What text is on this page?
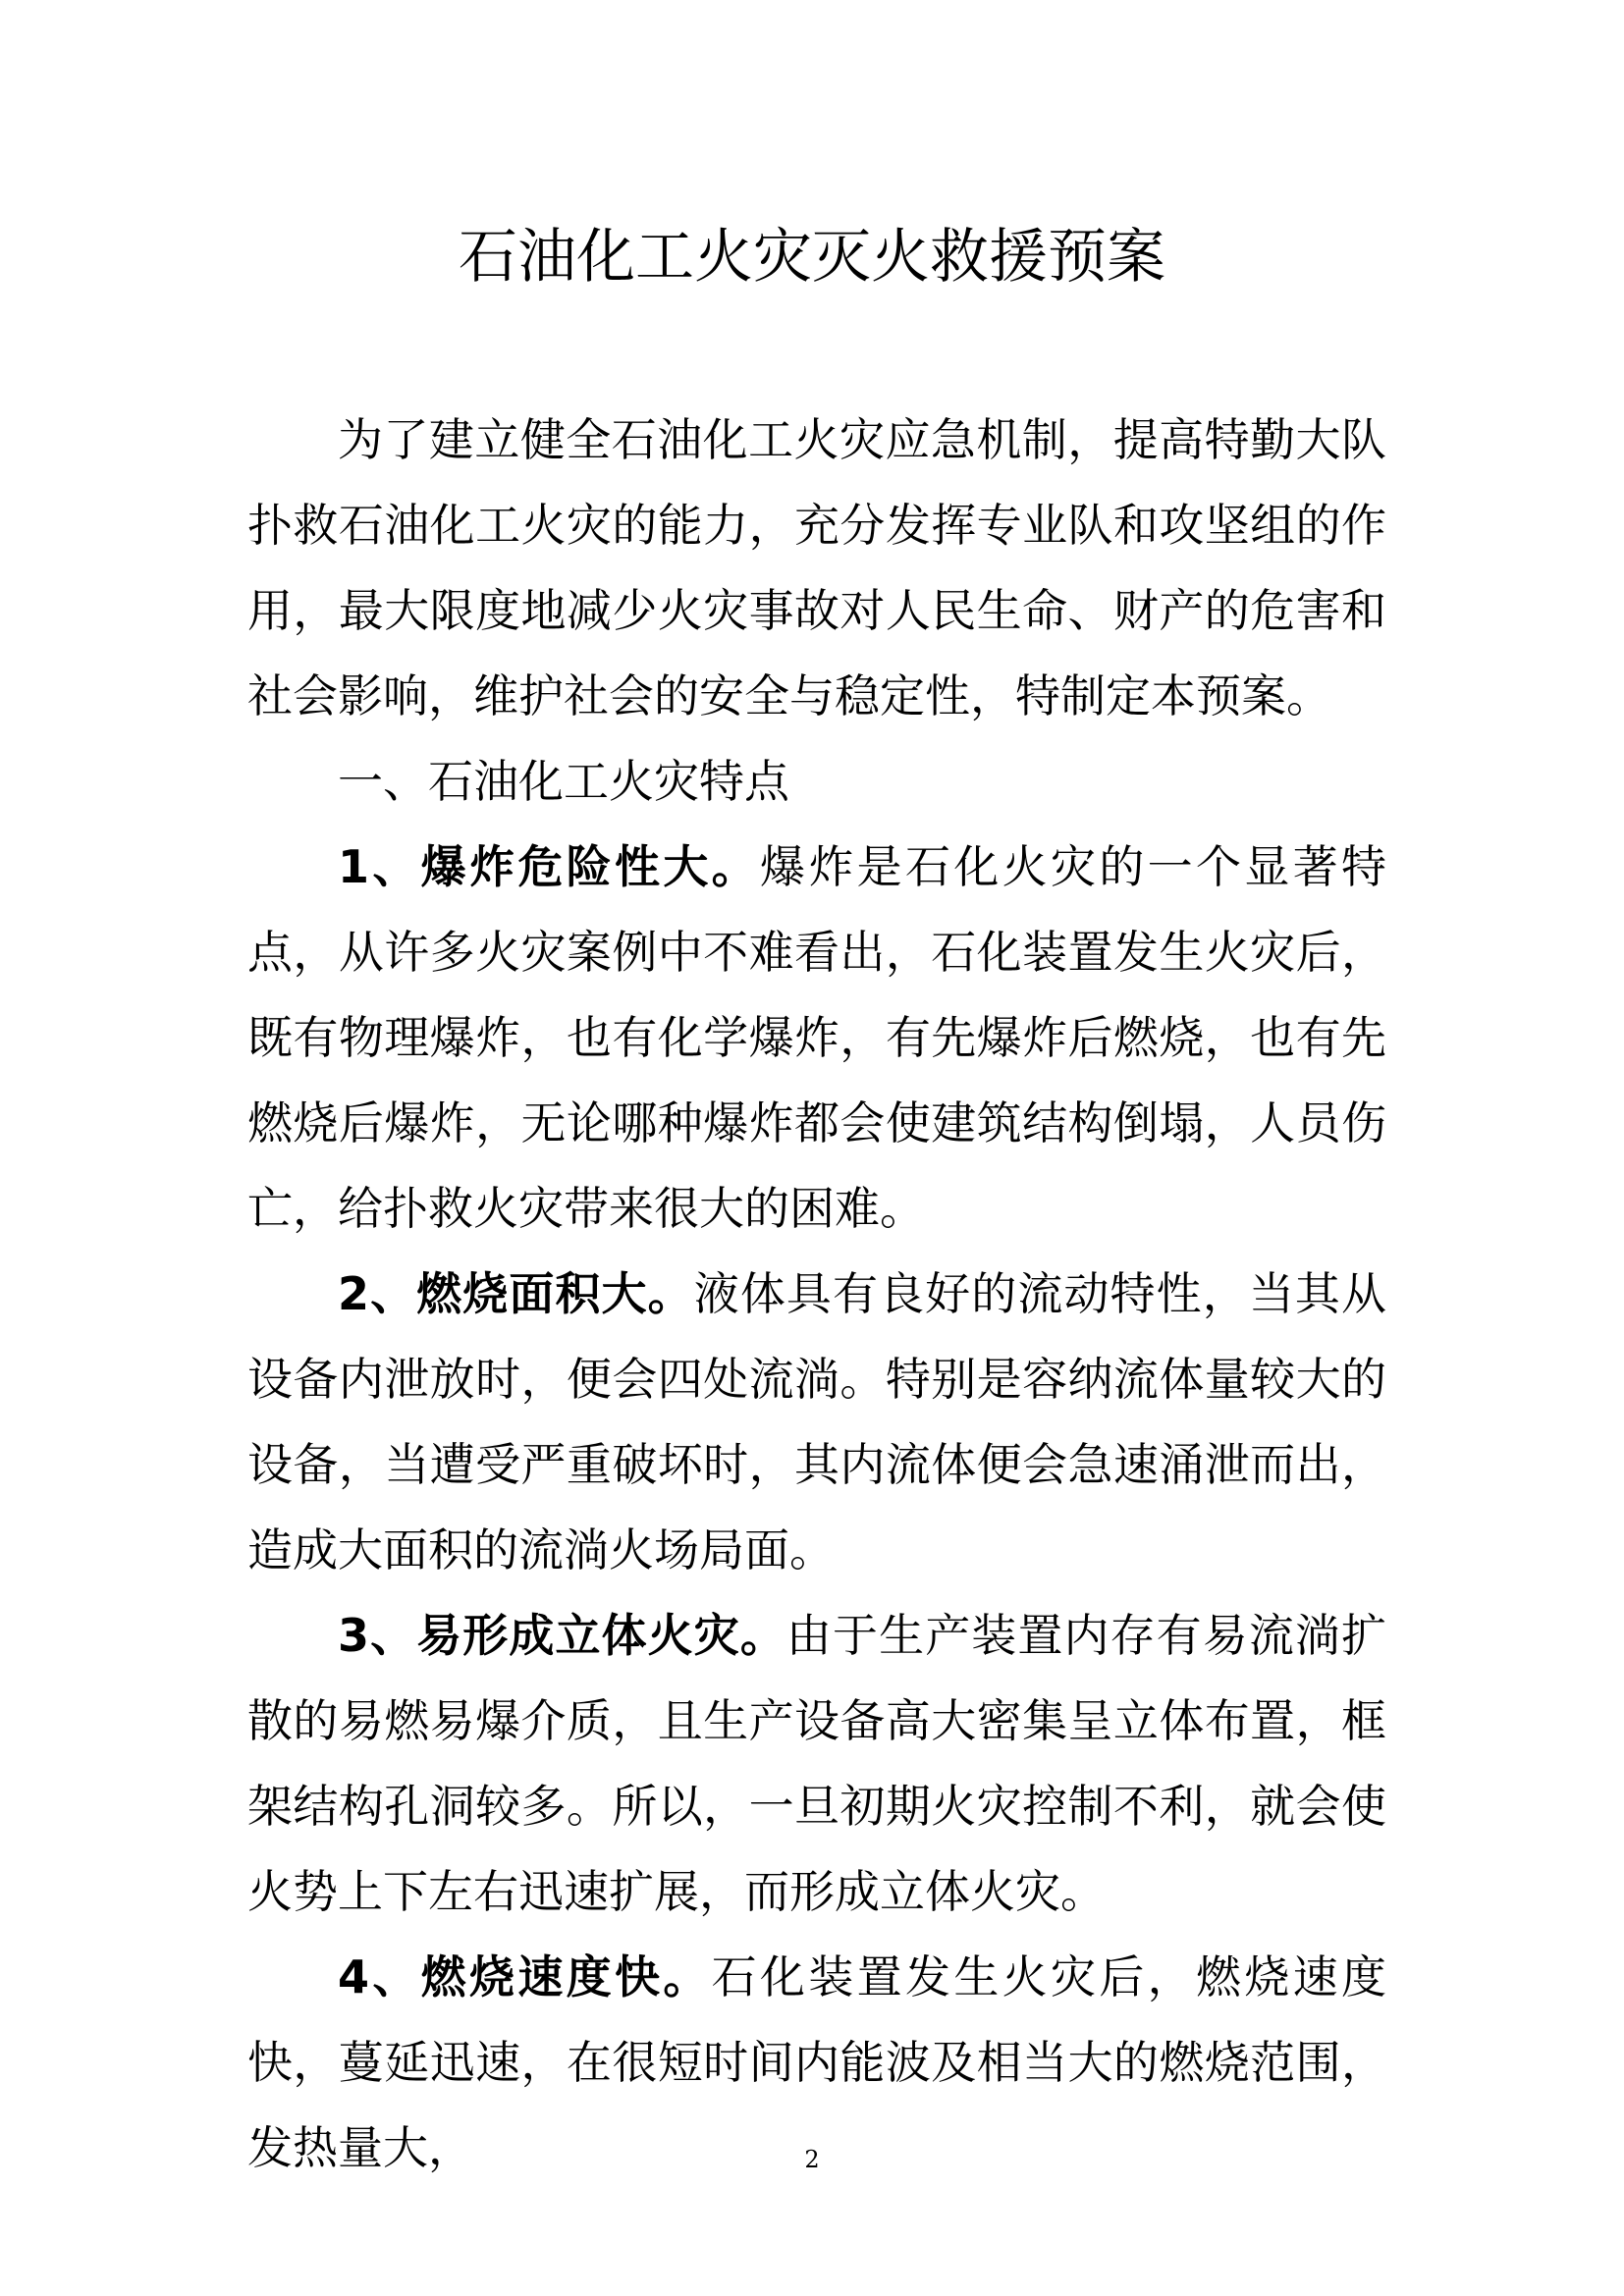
石油化工火灾灭火救援预案

为了建立健全石油化工火灾应急机制，提高特勤大队扑救石油化工火灾的能力，充分发挥专业队和攻坚组的作用，最大限度地减少火灾事故对人民生命、财产的危害和社会影响，维护社会的安全与稳定性，特制定本预案。

一、石油化工火灾特点

1、爆炸危险性大。爆炸是石化火灾的一个显著特点，从许多火灾案例中不难看出，石化装置发生火灾后，既有物理爆炸，也有化学爆炸，有先爆炸后燃烧，也有先燃烧后爆炸，无论哪种爆炸都会使建筑结构倒塌，人员伤亡，给扑救火灾带来很大的困难。

2、燃烧面积大。液体具有良好的流动特性，当其从设备内泄放时，便会四处流淌。特别是容纳流体量较大的设备，当遭受严重破坏时，其内流体便会急速涌泄而出，造成大面积的流淌火场局面。

3、易形成立体火灾。由于生产装置内存有易流淌扩散的易燃易爆介质，且生产设备高大密集呈立体布置，框架结构孔洞较多。所以，一旦初期火灾控制不利，就会使火势上下左右迅速扩展，而形成立体火灾。

4、燃烧速度快。石化装置发生火灾后，燃烧速度快，蔓延迅速，在很短时间内能波及相当大的燃烧范围，发热量大，	2
